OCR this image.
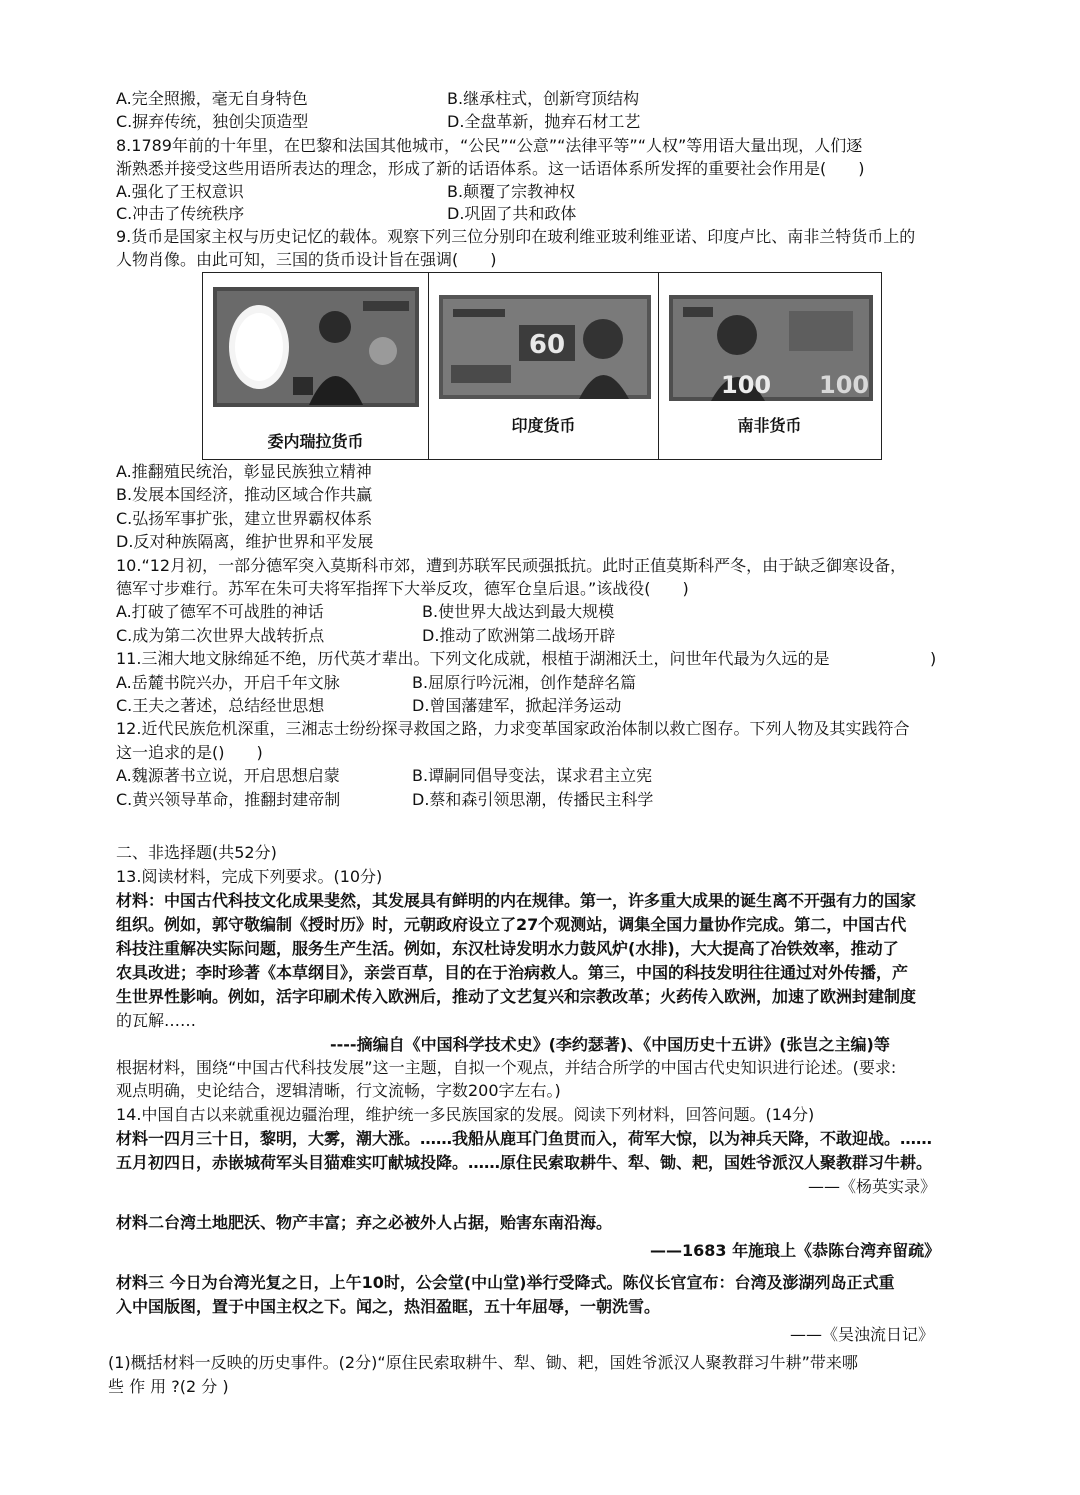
A.完全照搬，毫无自身特色	B.继承柱式，创新穹顶结构
C.摒弃传统，独创尖顶造型	D.全盘革新，抛弃石材工艺
8.1789年前的十年里，在巴黎和法国其他城市，“公民”“公意”“法律平等”“人权”等用语大量出现，人们逐
渐熟悉并接受这些用语所表达的理念，形成了新的话语体系。这一话语体系所发挥的重要社会作用是(　　)
A.强化了王权意识	B.颠覆了宗教神权
C.冲击了传统秩序	D.巩固了共和政体
9.货币是国家主权与历史记忆的载体。观察下列三位分别印在玻利维亚玻利维亚诺、印度卢比、南非兰特货币上的
人物肖像。由此可知，三国的货币设计旨在强调(　　)
委内瑞拉货币
60
印度货币
100 100
南非货币
A.推翻殖民统治，彰显民族独立精神
B.发展本国经济，推动区域合作共赢
C.弘扬军事扩张，建立世界霸权体系
D.反对种族隔离，维护世界和平发展
10.“12月初，一部分德军突入莫斯科市郊，遭到苏联军民顽强抵抗。此时正值莫斯科严冬，由于缺乏御寒设备，
德军寸步难行。苏军在朱可夫将军指挥下大举反攻，德军仓皇后退。”该战役(　　)
A.打破了德军不可战胜的神话	B.使世界大战达到最大规模
C.成为第二次世界大战转折点	D.推动了欧洲第二战场开辟
11.三湘大地文脉绵延不绝，历代英才辈出。下列文化成就，根植于湖湘沃土，问世年代最为久远的是	)
A.岳麓书院兴办，开启千年文脉	B.屈原行吟沅湘，创作楚辞名篇
C.王夫之著述，总结经世思想	D.曾国藩建军，掀起洋务运动
12.近代民族危机深重，三湘志士纷纷探寻救国之路，力求变革国家政治体制以救亡图存。下列人物及其实践符合
这一追求的是()　　)
A.魏源著书立说，开启思想启蒙	B.谭嗣同倡导变法，谋求君主立宪
C.黄兴领导革命，推翻封建帝制	D.蔡和森引领思潮，传播民主科学
二、非选择题(共52分)
13.阅读材料，完成下列要求。(10分)
材料：中国古代科技文化成果斐然，其发展具有鲜明的内在规律。第一，许多重大成果的诞生离不开强有力的国家
组织。例如，郭守敬编制《授时历》时，元朝政府设立了27个观测站，调集全国力量协作完成。第二，中国古代
科技注重解决实际问题，服务生产生活。例如，东汉杜诗发明水力鼓风炉(水排)，大大提高了冶铁效率，推动了
农具改进；李时珍著《本草纲目》，亲尝百草，目的在于治病救人。第三，中国的科技发明往往通过对外传播，产
生世界性影响。例如，活字印刷术传入欧洲后，推动了文艺复兴和宗教改革；火药传入欧洲，加速了欧洲封建制度
的瓦解……
----摘编自《中国科学技术史》(李约瑟著)、《中国历史十五讲》(张岂之主编)等
根据材料，围绕“中国古代科技发展”这一主题，自拟一个观点，并结合所学的中国古代史知识进行论述。(要求:
观点明确，史论结合，逻辑清晰，行文流畅，字数200字左右。)
14.中国自古以来就重视边疆治理，维护统一多民族国家的发展。阅读下列材料，回答问题。(14分)
材料一四月三十日，黎明，大雾，潮大涨。……我船从鹿耳门鱼贯而入，荷军大惊，以为神兵天降，不敢迎战。……
五月初四日，赤嵌城荷军头目猫难实叮献城投降。……原住民索取耕牛、犁、锄、耙，国姓爷派汉人聚教群习牛耕。
——《杨英实录》
材料二台湾土地肥沃、物产丰富；弃之必被外人占据，贻害东南沿海。
——1683 年施琅上《恭陈台湾弃留疏》
材料三 今日为台湾光复之日，上午10时，公会堂(中山堂)举行受降式。陈仪长官宣布：台湾及澎湖列岛正式重
入中国版图，置于中国主权之下。闻之，热泪盈眶，五十年屈辱，一朝洗雪。
——《吴浊流日记》
(1)概括材料一反映的历史事件。(2分)“原住民索取耕牛、犁、锄、耙，国姓爷派汉人聚教群习牛耕”带来哪
些 作 用 ?(2 分 )
